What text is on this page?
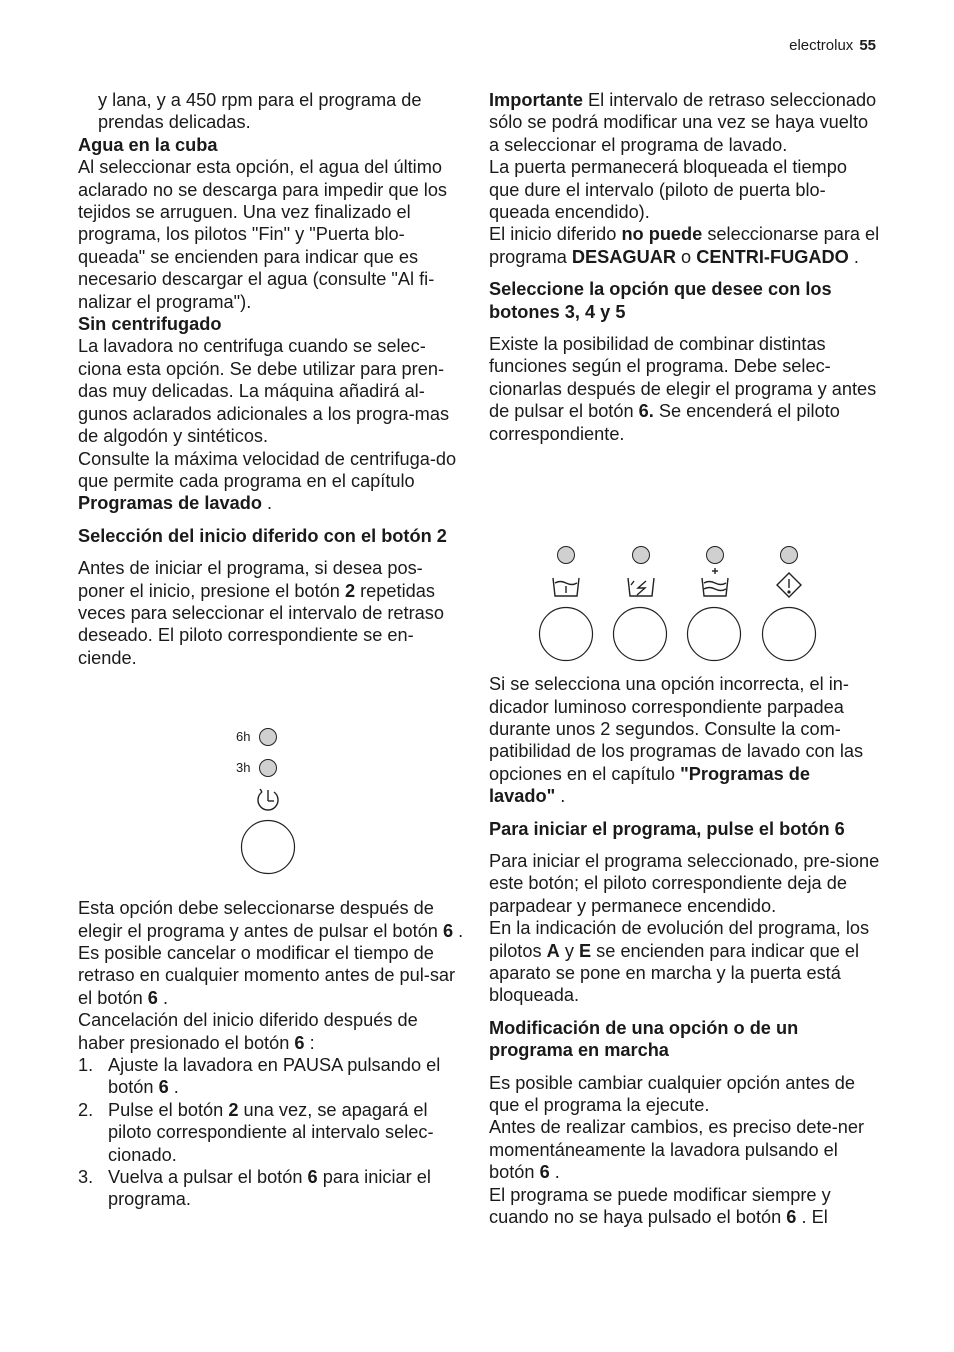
electrolux 55

y lana, y a 450 rpm para el programa de prendas delicadas.

Agua en la cuba

Al seleccionar esta opción, el agua del último aclarado no se descarga para impedir que los tejidos se arruguen. Una vez finalizado el programa, los pilotos "Fin" y "Puerta blo-queada" se encienden para indicar que es necesario descargar el agua (consulte "Al fi-nalizar el programa").

Sin centrifugado

La lavadora no centrifuga cuando se selec-ciona esta opción. Se debe utilizar para pren-das muy delicadas. La máquina añadirá al-gunos aclarados adicionales a los progra-mas de algodón y sintéticos.

Consulte la máxima velocidad de centrifuga-do que permite cada programa en el capítulo Programas de lavado .

Selección del inicio diferido con el botón 2

Antes de iniciar el programa, si desea pos-poner el inicio, presione el botón 2 repetidas veces para seleccionar el intervalo de retraso deseado. El piloto correspondiente se en-ciende.

Esta opción debe seleccionarse después de elegir el programa y antes de pulsar el botón 6 .

Es posible cancelar o modificar el tiempo de retraso en cualquier momento antes de pul-sar el botón 6 .

Cancelación del inicio diferido después de haber presionado el botón 6 :

1. Ajuste la lavadora en PAUSA pulsando el botón 6 .
2. Pulse el botón 2 una vez, se apagará el piloto correspondiente al intervalo selec-cionado.
3. Vuelva a pulsar el botón 6 para iniciar el programa.
6h
3h

Importante El intervalo de retraso seleccionado sólo se podrá modificar una vez se haya vuelto a seleccionar el programa de lavado.

La puerta permanecerá bloqueada el tiempo que dure el intervalo (piloto de puerta blo-queada encendido).

El inicio diferido no puede seleccionarse para el programa DESAGUAR o CENTRI-FUGADO .

Seleccione la opción que desee con los botones 3, 4 y 5

Existe la posibilidad de combinar distintas funciones según el programa. Debe selec-cionarlas después de elegir el programa y antes de pulsar el botón 6. Se encenderá el piloto correspondiente.

Si se selecciona una opción incorrecta, el in-dicador luminoso correspondiente parpadea durante unos 2 segundos. Consulte la com-patibilidad de los programas de lavado con las opciones en el capítulo "Programas de lavado" .

Para iniciar el programa, pulse el botón 6

Para iniciar el programa seleccionado, pre-sione este botón; el piloto correspondiente deja de parpadear y permanece encendido.

En la indicación de evolución del programa, los pilotos A y E se encienden para indicar que el aparato se pone en marcha y la puerta está bloqueada.

Modificación de una opción o de un programa en marcha

Es posible cambiar cualquier opción antes de que el programa la ejecute.

Antes de realizar cambios, es preciso dete-ner momentáneamente la lavadora pulsando el botón 6 .

El programa se puede modificar siempre y cuando no se haya pulsado el botón 6 . El
